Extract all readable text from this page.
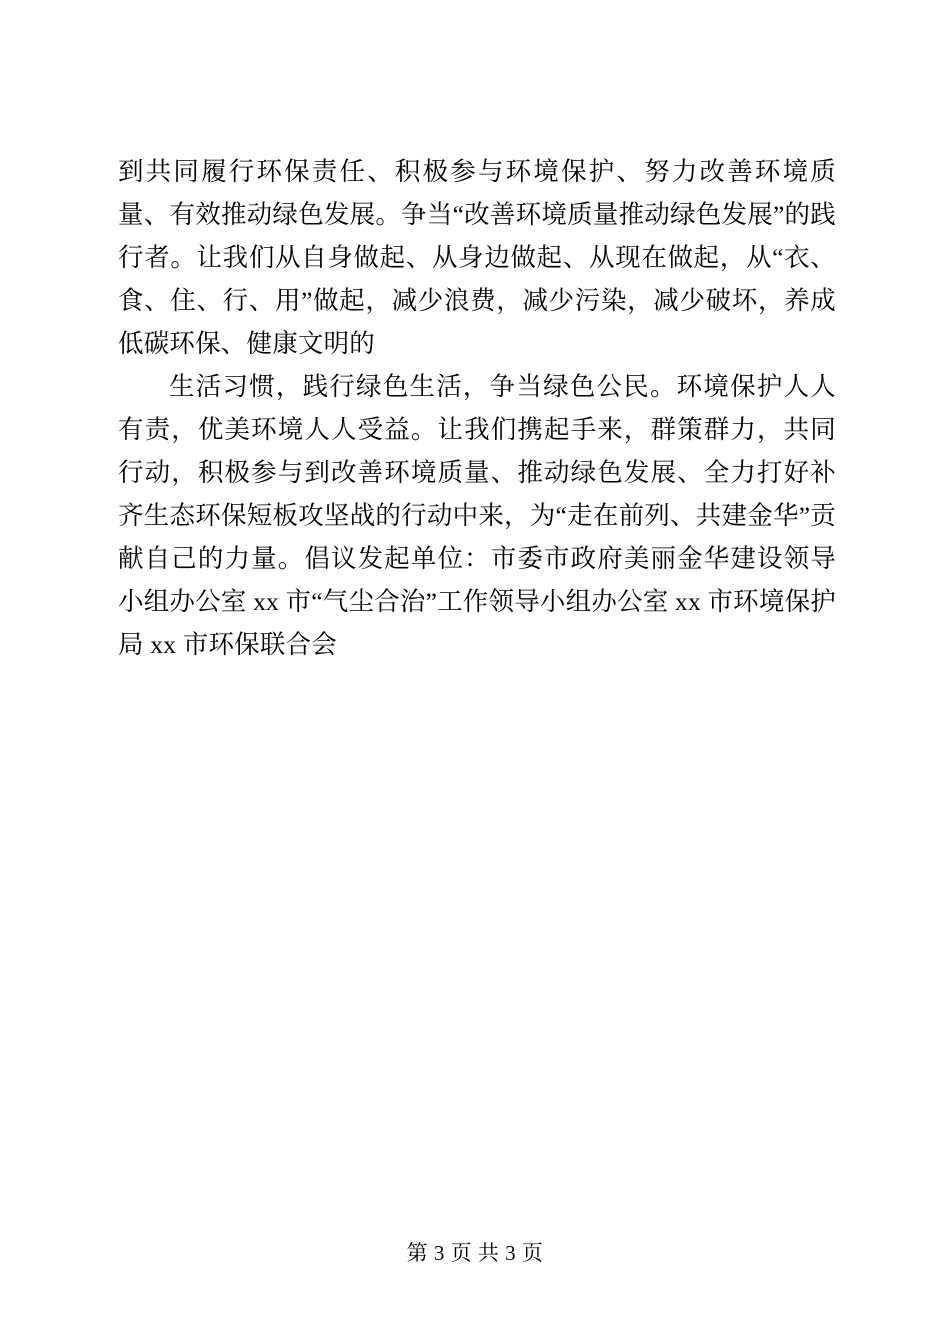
到共同履行环保责任、积极参与环境保护、努力改善环境质量、有效推动绿色发展。争当“改善环境质量推动绿色发展”的践行者。让我们从自身做起、从身边做起、从现在做起，从“衣、食、住、行、用”做起，减少浪费，减少污染，减少破坏，养成低碳环保、健康文明的

生活习惯，践行绿色生活，争当绿色公民。环境保护人人有责，优美环境人人受益。让我们携起手来，群策群力，共同行动，积极参与到改善环境质量、推动绿色发展、全力打好补齐生态环保短板攻坚战的行动中来，为“走在前列、共建金华”贡献自己的力量。倡议发起单位：市委市政府美丽金华建设领导小组办公室 xx 市“气尘合治”工作领导小组办公室 xx 市环境保护局 xx 市环保联合会

第 3 页 共 3 页
